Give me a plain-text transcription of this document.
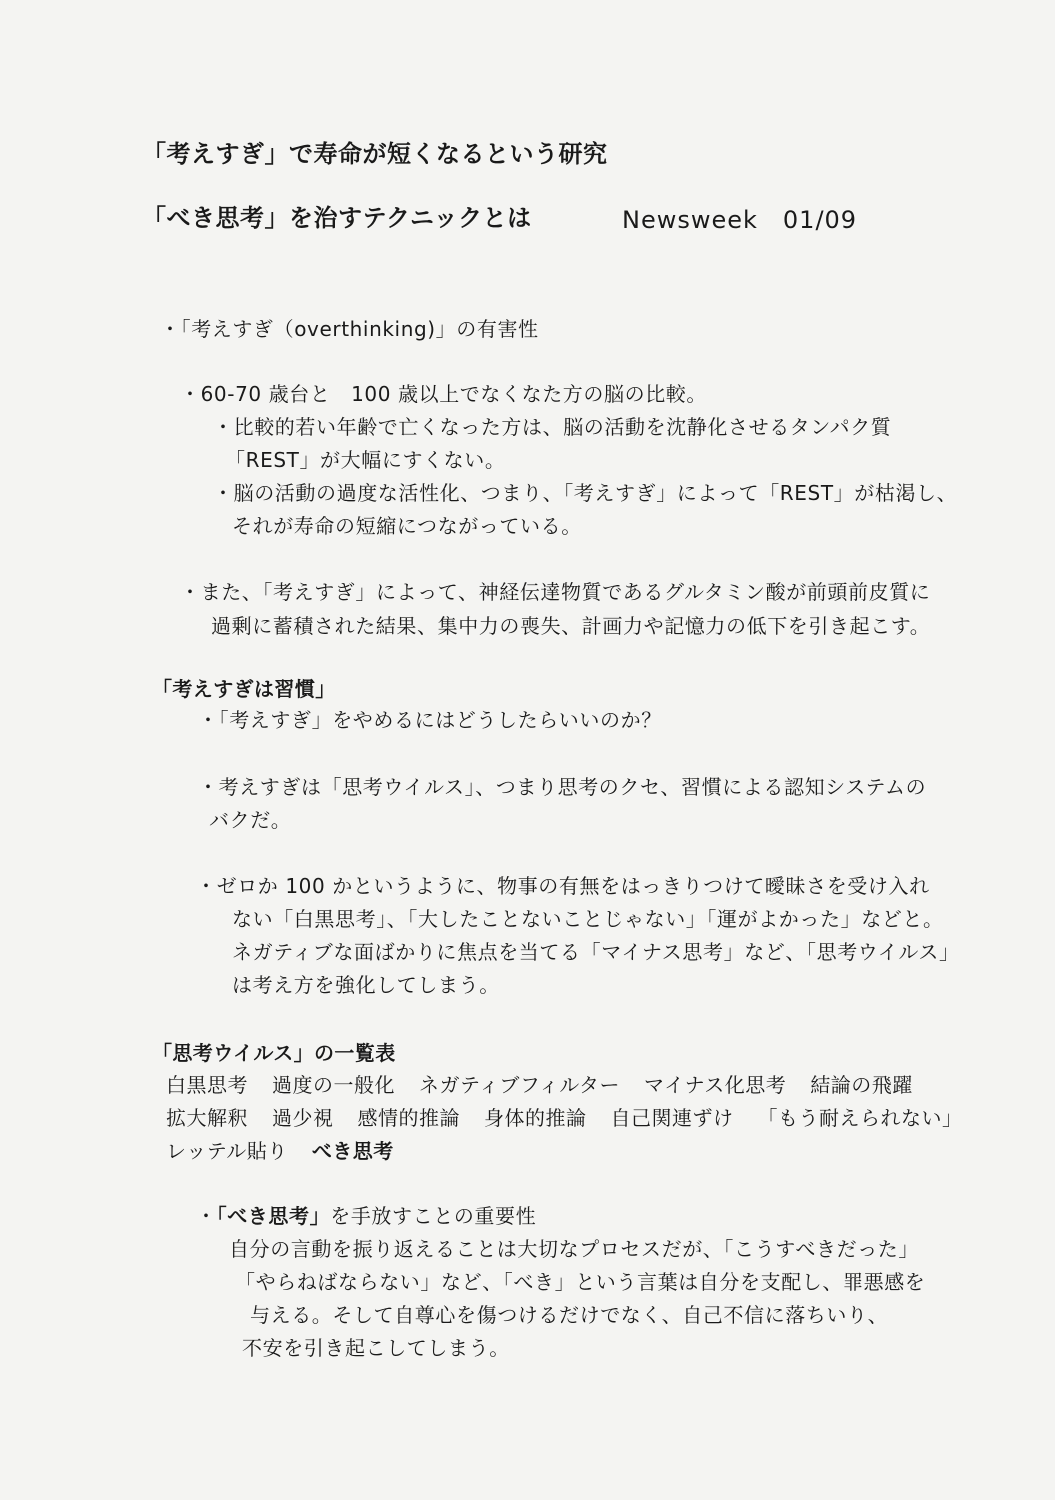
「考えすぎ」で寿命が短くなるという研究
「べき思考」を治すテクニックとは	Newsweek　01/09
・「考えすぎ（overthinking)」の有害性
・60-70 歳台と　100 歳以上でなくなた方の脳の比較。
・比較的若い年齢で亡くなった方は、脳の活動を沈静化させるタンパク質
「REST」が大幅にすくない。
・脳の活動の過度な活性化、つまり、「考えすぎ」によって「REST」が枯渇し、
それが寿命の短縮につながっている。
・また、「考えすぎ」によって、神経伝達物質であるグルタミン酸が前頭前皮質に
過剰に蓄積された結果、集中力の喪失、計画力や記憶力の低下を引き起こす。
「考えすぎは習慣」
・「考えすぎ」をやめるにはどうしたらいいのか？
・考えすぎは「思考ウイルス」、つまり思考のクセ、習慣による認知システムの
バクだ。
・ゼロか 100 かというように、物事の有無をはっきりつけて曖昧さを受け入れ
ない「白黒思考」、「大したことないことじゃない」「運がよかった」などと。
ネガティブな面ばかりに焦点を当てる「マイナス思考」など、「思考ウイルス」
は考え方を強化してしまう。
「思考ウイルス」の一覧表
白黒思考 過度の一般化 ネガティブフィルター マイナス化思考 結論の飛躍
拡大解釈 過少視 感情的推論 身体的推論 自己関連ずけ 「もう耐えられない」
レッテル貼り べき思考
・「べき思考」を手放すことの重要性
自分の言動を振り返えることは大切なプロセスだが、「こうすべきだった」
「やらねばならない」など、「べき」という言葉は自分を支配し、罪悪感を
与える。そして自尊心を傷つけるだけでなく、自己不信に落ちいり、
不安を引き起こしてしまう。
